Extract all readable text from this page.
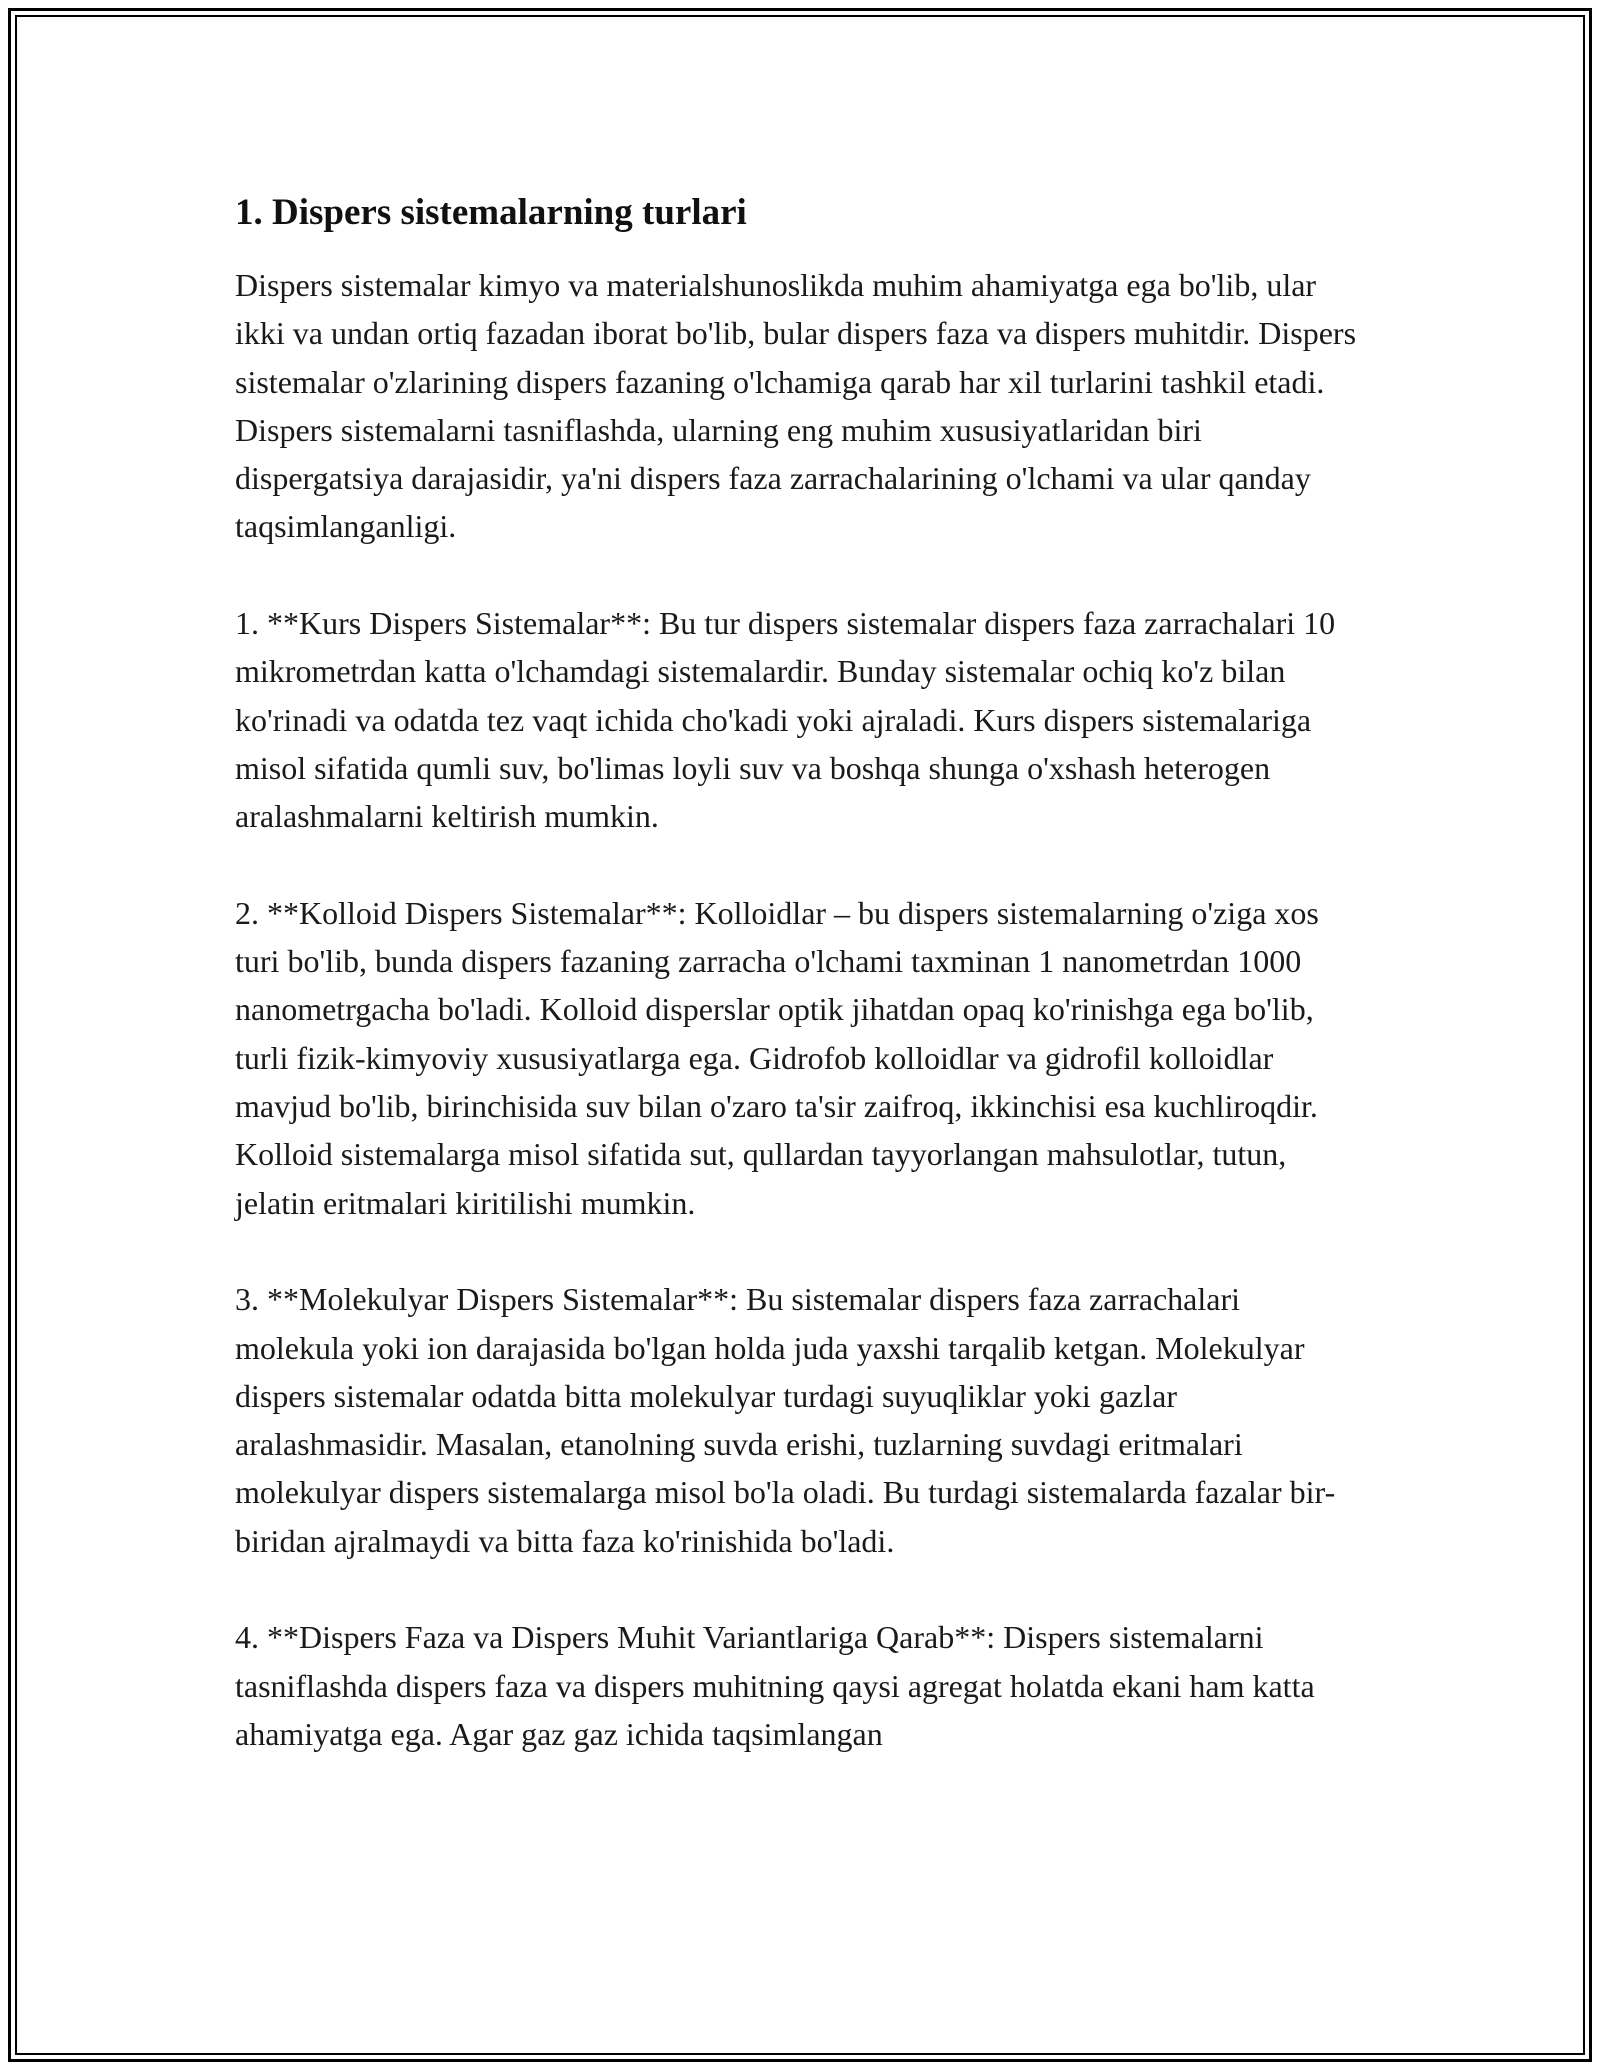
1. Dispers sistemalarning turlari

Dispers sistemalar kimyo va materialshunoslikda muhim ahamiyatga ega bo'lib, ular ikki va undan ortiq fazadan iborat bo'lib, bular dispers faza va dispers muhitdir. Dispers sistemalar o'zlarining dispers fazaning o'lchamiga qarab har xil turlarini tashkil etadi. Dispers sistemalarni tasniflashda, ularning eng muhim xususiyatlaridan biri dispergatsiya darajasidir, ya'ni dispers faza zarrachalarining o'lchami va ular qanday taqsimlanganligi.

1. **Kurs Dispers Sistemalar**: Bu tur dispers sistemalar dispers faza zarrachalari 10 mikrometrdan katta o'lchamdagi sistemalardir. Bunday sistemalar ochiq ko'z bilan ko'rinadi va odatda tez vaqt ichida cho'kadi yoki ajraladi. Kurs dispers sistemalariga misol sifatida qumli suv, bo'limas loyli suv va boshqa shunga o'xshash heterogen aralashmalarni keltirish mumkin.

2. **Kolloid Dispers Sistemalar**: Kolloidlar – bu dispers sistemalarning o'ziga xos turi bo'lib, bunda dispers fazaning zarracha o'lchami taxminan 1 nanometrdan 1000 nanometrgacha bo'ladi. Kolloid disperslar optik jihatdan opaq ko'rinishga ega bo'lib, turli fizik-kimyoviy xususiyatlarga ega. Gidrofob kolloidlar va gidrofil kolloidlar mavjud bo'lib, birinchisida suv bilan o'zaro ta'sir zaifroq, ikkinchisi esa kuchliroqdir. Kolloid sistemalarga misol sifatida sut, qullardan tayyorlangan mahsulotlar, tutun, jelatin eritmalari kiritilishi mumkin.

3. **Molekulyar Dispers Sistemalar**: Bu sistemalar dispers faza zarrachalari molekula yoki ion darajasida bo'lgan holda juda yaxshi tarqalib ketgan. Molekulyar dispers sistemalar odatda bitta molekulyar turdagi suyuqliklar yoki gazlar aralashmasidir. Masalan, etanolning suvda erishi, tuzlarning suvdagi eritmalari molekulyar dispers sistemalarga misol bo'la oladi. Bu turdagi sistemalarda fazalar bir-biridan ajralmaydi va bitta faza ko'rinishida bo'ladi.

4. **Dispers Faza va Dispers Muhit Variantlariga Qarab**: Dispers sistemalarni tasniflashda dispers faza va dispers muhitning qaysi agregat holatda ekani ham katta ahamiyatga ega. Agar gaz gaz ichida taqsimlangan
